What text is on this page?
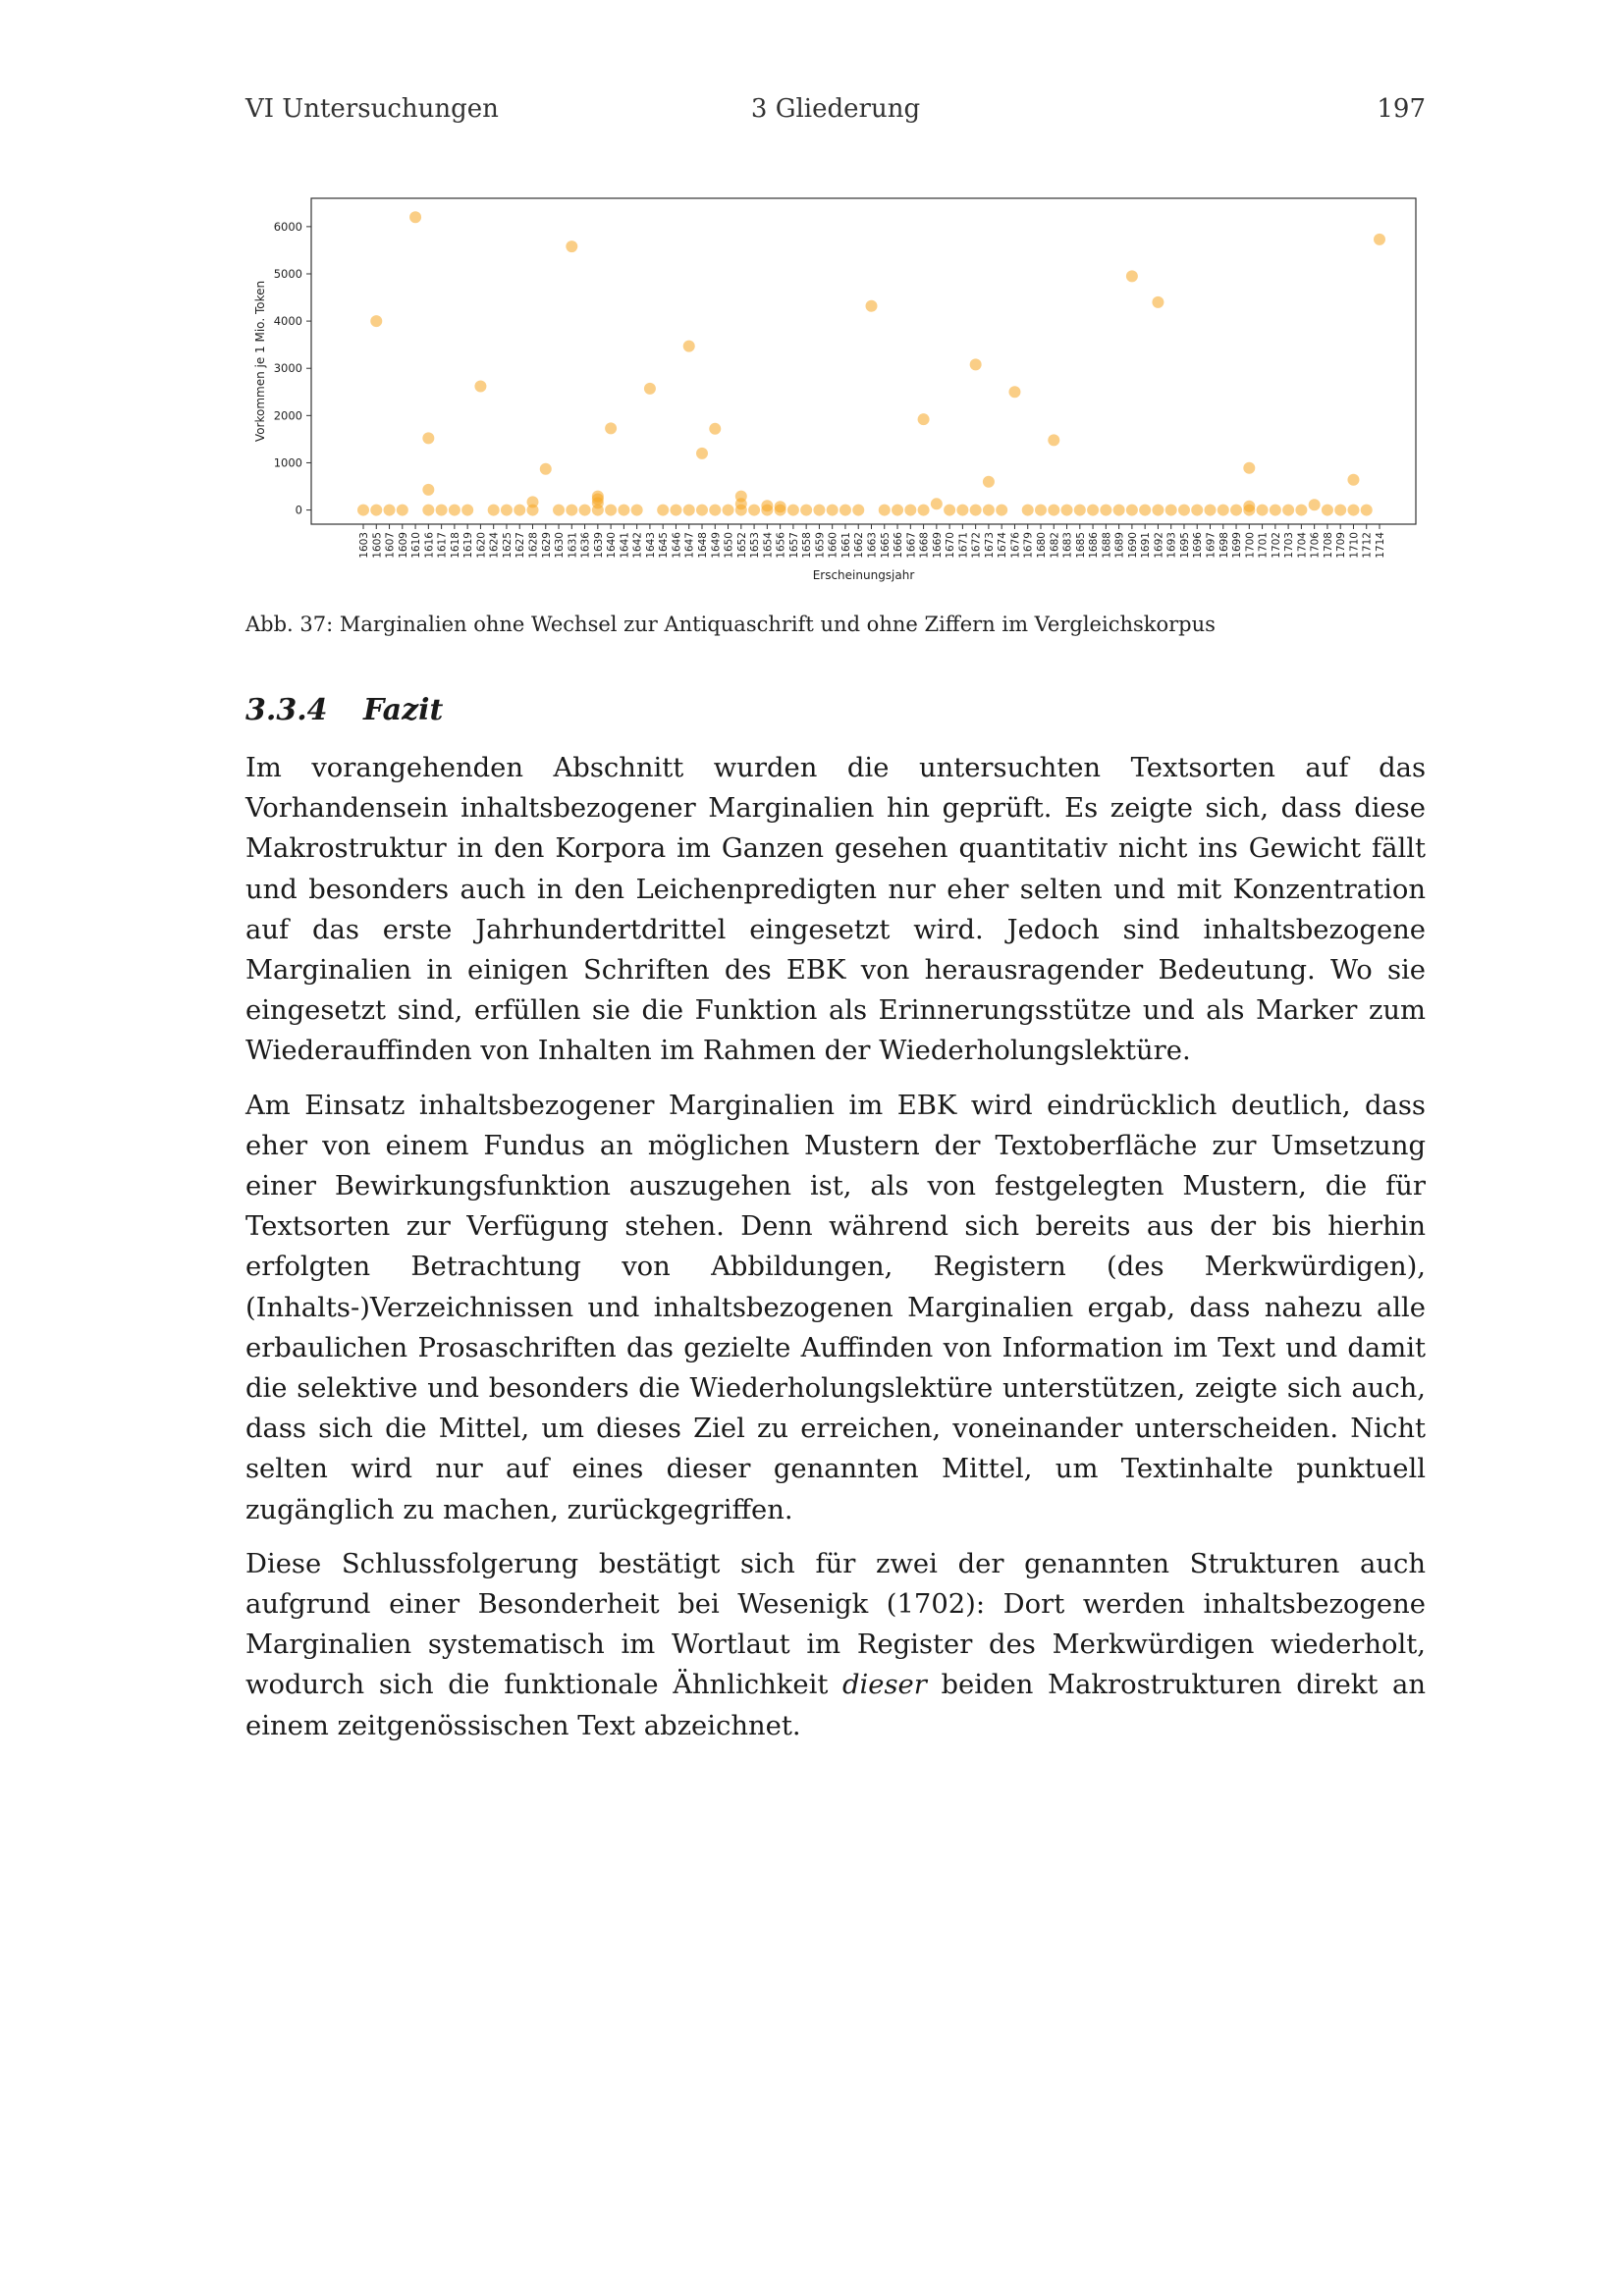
VI Untersuchungen	3 Gliederung	197
0
1000
2000
3000
4000
5000
6000
1603 1605 1607 1609 1610 1616 1617 1618 1619 1620 1624 1625 1627 1628 1629 1630 1631 1636 1639 1640 1641 1642 1643 1645 1646 1647 1648 1649 1650 1652 1653 1654 1656 1657 1658 1659 1660 1661 1662 1663 1665 1666 1667 1668 1669 1670 1671 1672 1673 1674 1676 1679 1680 1682 1683 1685 1686 1688 1689 1690 1691 1692 1693 1695 1696 1697 1698 1699 1700 1701 1702 1703 1704 1706 1708 1709 1710 1712 1714
Erscheinungsjahr
Vorkommen je 1 Mio. Token
Abb. 37: Marginalien ohne Wechsel zur Antiquaschrift und ohne Ziffern im Vergleichskorpus
3.3.4 Fazit

Im vorangehenden Abschnitt wurden die untersuchten Textsorten auf das Vorhandensein inhaltsbezogener Marginalien hin geprüft. Es zeigte sich, dass diese Makrostruktur in den Korpora im Ganzen gesehen quantitativ nicht ins Gewicht fällt und besonders auch in den Leichenpredigten nur eher selten und mit Konzentration auf das erste Jahrhundertdrittel eingesetzt wird. Jedoch sind inhaltsbezogene Marginalien in einigen Schriften des EBK von herausragender Bedeutung. Wo sie eingesetzt sind, erfüllen sie die Funktion als Erinnerungsstütze und als Marker zum Wiederauffinden von Inhalten im Rahmen der Wiederholungslektüre.

Am Einsatz inhaltsbezogener Marginalien im EBK wird eindrücklich deutlich, dass eher von einem Fundus an möglichen Mustern der Textoberfläche zur Umsetzung einer Bewirkungsfunktion auszugehen ist, als von festgelegten Mustern, die für Textsorten zur Verfügung stehen. Denn während sich bereits aus der bis hierhin erfolgten Betrachtung von Abbildungen, Registern (des Merkwürdigen), (Inhalts-)Verzeichnissen und inhaltsbezogenen Marginalien ergab, dass nahezu alle erbaulichen Prosaschriften das gezielte Auffinden von Information im Text und damit die selektive und besonders die Wiederholungslektüre unterstützen, zeigte sich auch, dass sich die Mittel, um dieses Ziel zu erreichen, voneinander unterscheiden. Nicht selten wird nur auf eines dieser genannten Mittel, um Textinhalte punktuell zugänglich zu machen, zurückgegriffen.

Diese Schlussfolgerung bestätigt sich für zwei der genannten Strukturen auch aufgrund einer Besonderheit bei Wesenigk (1702): Dort werden inhaltsbezogene Marginalien systematisch im Wortlaut im Register des Merkwürdigen wiederholt, wodurch sich die funktionale Ähnlichkeit dieser beiden Makrostrukturen direkt an einem zeitgenössischen Text abzeichnet.
